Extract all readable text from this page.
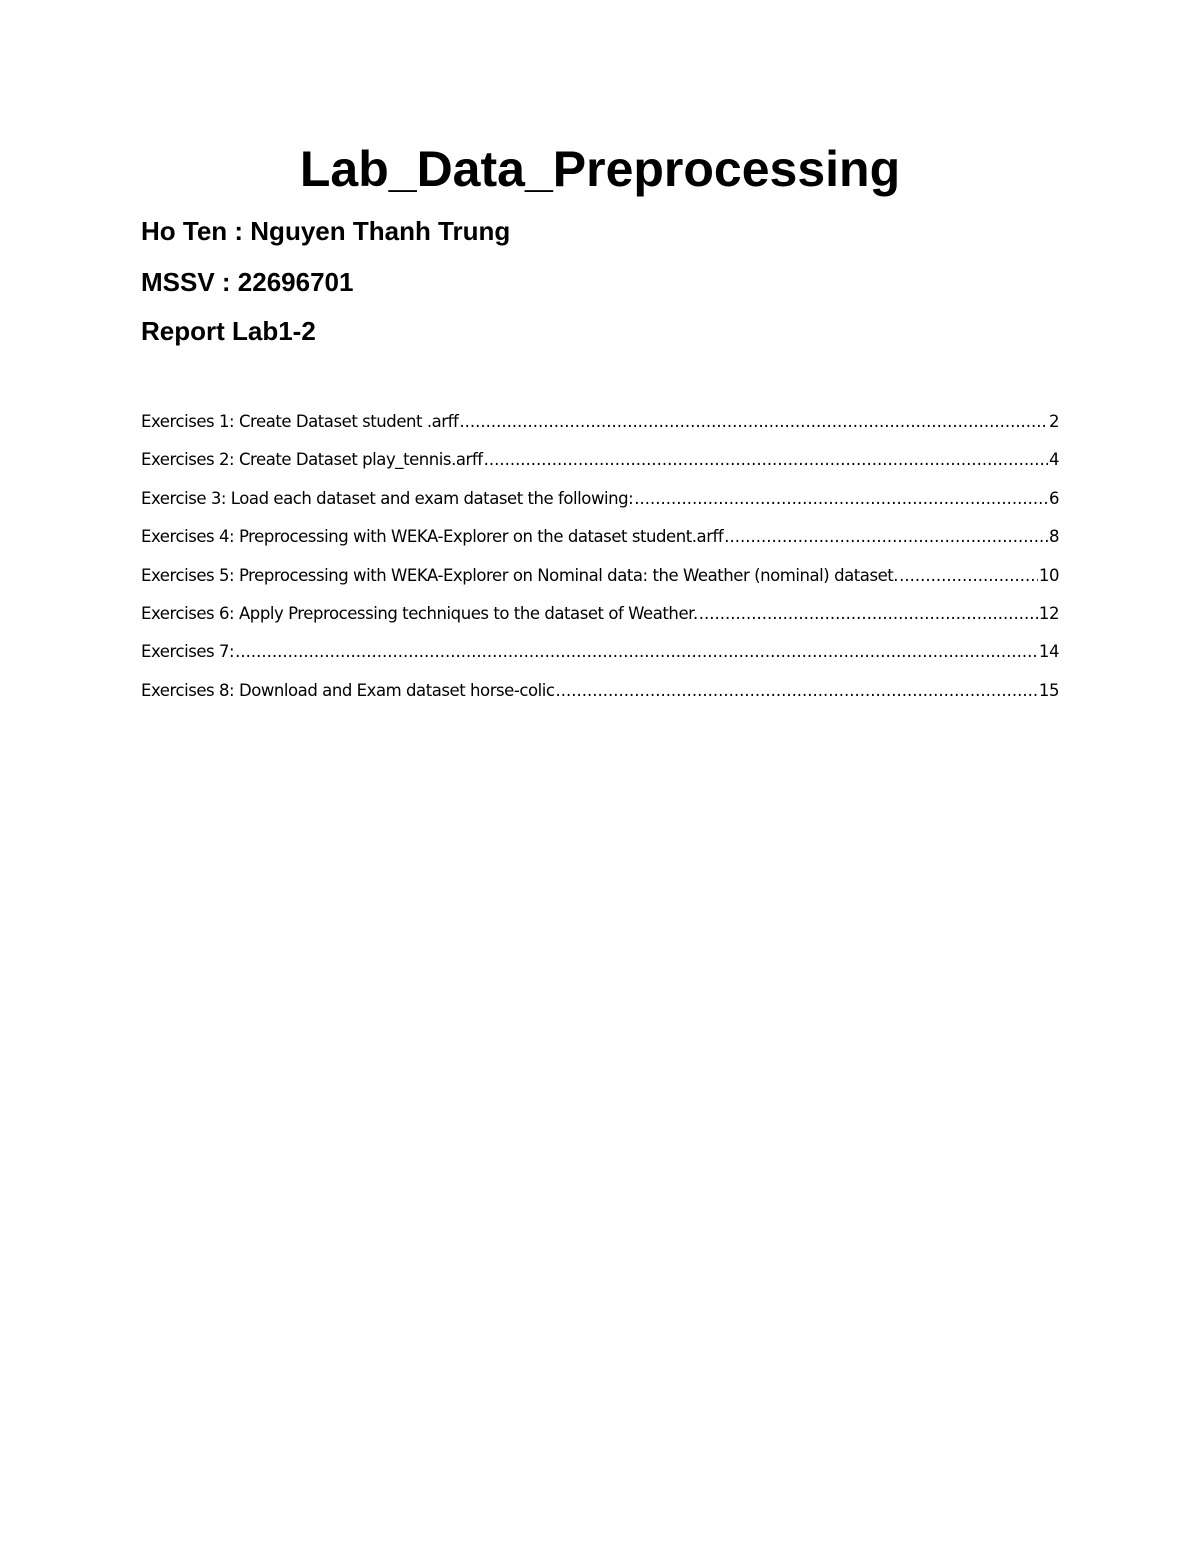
Lab_Data_Preprocessing

Ho Ten : Nguyen Thanh Trung

MSSV : 22696701

Report Lab1-2

Exercises 1: Create Dataset student .arff .....	2
Exercises 2: Create Dataset play_tennis.arff .....	4
Exercise 3: Load each dataset and exam dataset the following: .....	6
Exercises 4: Preprocessing with WEKA-Explorer on the dataset student.arff .....	8
Exercises 5: Preprocessing with WEKA-Explorer on Nominal data: the Weather (nominal) dataset. .....	10
Exercises 6: Apply Preprocessing techniques to the dataset of Weather. .....	12
Exercises 7: .....	14
Exercises 8: Download and Exam dataset horse-colic .....	15
